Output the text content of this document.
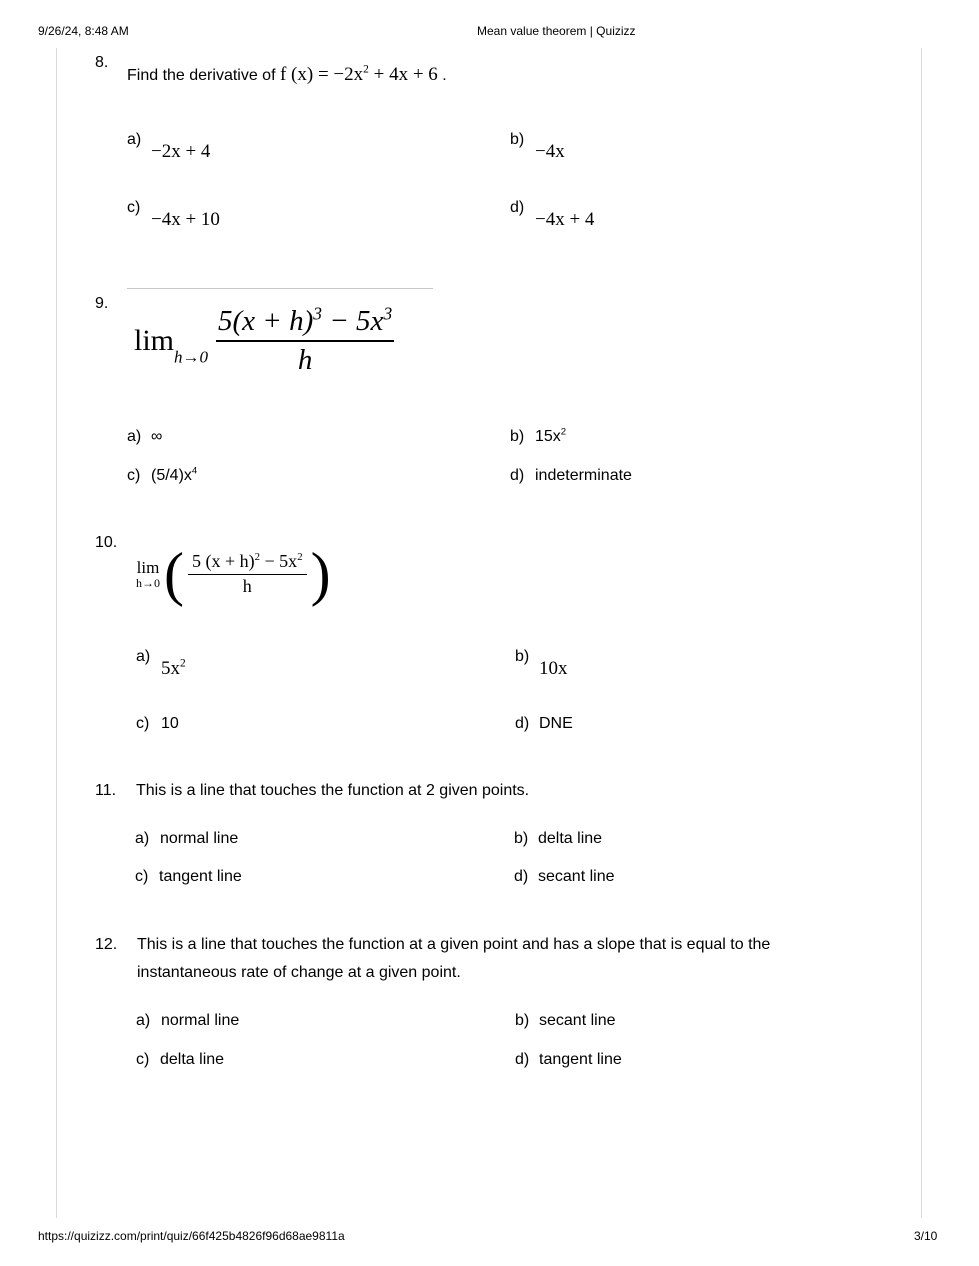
9/26/24, 8:48 AM	Mean value theorem | Quizizz
https://quizizz.com/print/quiz/66f425b4826f96d68ae9811a	3/10
8.
Find the derivative of f $(x) = -2x^2 + 4x + 6$ .
a)
−2x + 4
b)
−4x
c)
−4x + 10
d)
−4x + 4
9.
$\lim h\to 0 \frac{5(x + h)^3 - 5x^3}{h}$
a) ∞	b) $15x^2$
c) $(5/4)x^4$	d) indeterminate
10.
lim
h→0 ( $\frac{5 (x + h)^2 - 5x^2}{h}$ )
a)
$5x^2$	b)
10x
c) 10	d) DNE
11. This is a line that touches the function at 2 given points.
a) normal line	b) delta line
c) tangent line	d) secant line
12. This is a line that touches the function at a given point and has a slope that is equal to the
instantaneous rate of change at a given point.
a) normal line	b) secant line
c) delta line	d) tangent line
